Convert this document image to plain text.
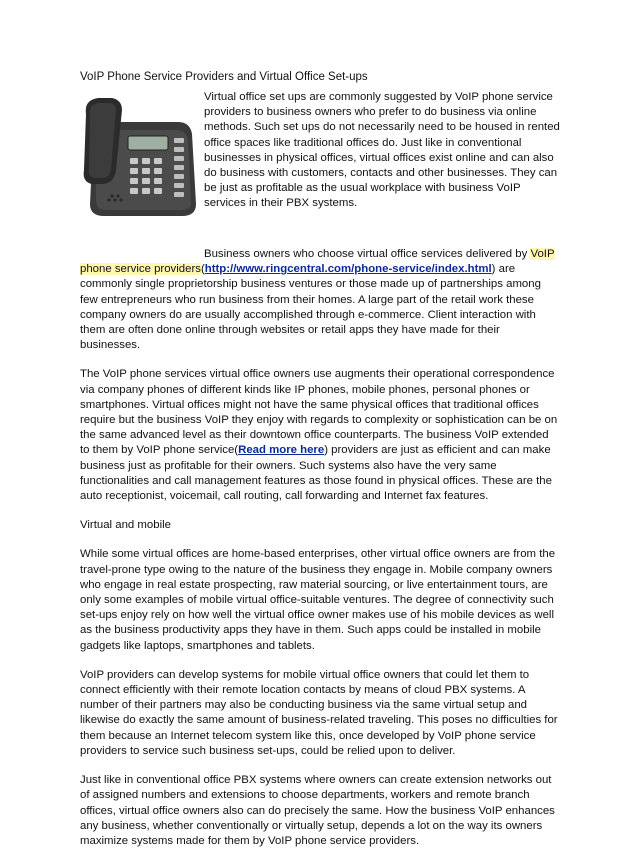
VoIP Phone Service Providers and Virtual Office Set-ups
Virtual office set ups are commonly suggested by VoIP phone service providers to business owners who prefer to do business via online methods. Such set ups do not necessarily need to be housed in rented office spaces like traditional offices do. Just like in conventional businesses in physical offices, virtual offices exist online and can also do business with customers, contacts and other businesses. They can be just as profitable as the usual workplace with business VoIP services in their PBX systems.
Business owners who choose virtual office services delivered by VoIP phone service providers(http://www.ringcentral.com/phone-service/index.html) are commonly single proprietorship business ventures or those made up of partnerships among few entrepreneurs who run business from their homes. A large part of the retail work these company owners do are usually accomplished through e-commerce. Client interaction with them are often done online through websites or retail apps they have made for their businesses.
The VoIP phone services virtual office owners use augments their operational correspondence via company phones of different kinds like IP phones, mobile phones, personal phones or smartphones. Virtual offices might not have the same physical offices that traditional offices require but the business VoIP they enjoy with regards to complexity or sophistication can be on the same advanced level as their downtown office counterparts. The business VoIP extended to them by VoIP phone service(Read more here) providers are just as efficient and can make business just as profitable for their owners. Such systems also have the very same functionalities and call management features as those found in physical offices. These are the auto receptionist, voicemail, call routing, call forwarding and Internet fax features.
Virtual and mobile
While some virtual offices are home-based enterprises, other virtual office owners are from the travel-prone type owing to the nature of the business they engage in. Mobile company owners who engage in real estate prospecting, raw material sourcing, or live entertainment tours, are only some examples of mobile virtual office-suitable ventures. The degree of connectivity such set-ups enjoy rely on how well the virtual office owner makes use of his mobile devices as well as the business productivity apps they have in them. Such apps could be installed in mobile gadgets like laptops, smartphones and tablets.
VoIP providers can develop systems for mobile virtual office owners that could let them to connect efficiently with their remote location contacts by means of cloud PBX systems. A number of their partners may also be conducting business via the same virtual setup and likewise do exactly the same amount of business-related traveling. This poses no difficulties for them because an Internet telecom system like this, once developed by VoIP phone service providers to service such business set-ups, could be relied upon to deliver.
Just like in conventional office PBX systems where owners can create extension networks out of assigned numbers and extensions to choose departments, workers and remote branch offices, virtual office owners also can do precisely the same. How the business VoIP enhances any business, whether conventionally or virtually setup, depends a lot on the way its owners maximize systems made for them by VoIP phone service providers.
